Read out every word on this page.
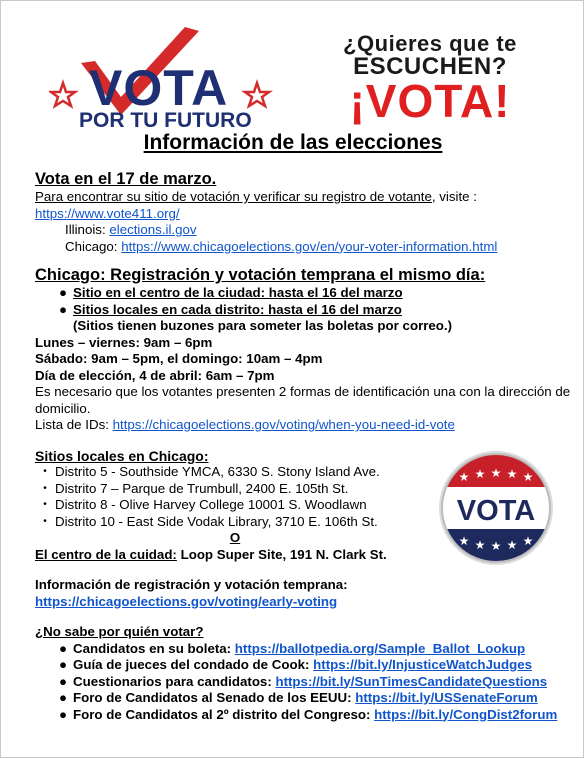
VOTA
POR TU FUTURO
¿Quieres que te
ESCUCHEN?
¡VOTA!
Información de las elecciones
Vota en el 17 de marzo.
Para encontrar su sitio de votación y verificar su registro de votante, visite :
https://www.vote411.org/
Illinois: elections.il.gov
Chicago: https://www.chicagoelections.gov/en/your-voter-information.html
Chicago: Registración y votación temprana el mismo día:
● Sitio en el centro de la ciudad: hasta el 16 del marzo
● Sitios locales en cada distrito: hasta el 16 del marzo
(Sitios tienen buzones para someter las boletas por correo.)
Lunes – viernes: 9am – 6pm
Sábado: 9am – 5pm, el domingo: 10am – 4pm
Día de elección, 4 de abril: 6am – 7pm
Es necesario que los votantes presenten 2 formas de identificación una con la dirección de domicilio.
Lista de IDs: https://chicagoelections.gov/voting/when-you-need-id-vote
Sitios locales en Chicago:
• Distrito 5 - Southside YMCA, 6330 S. Stony Island Ave.
• Distrito 7 – Parque de Trumbull, 2400 E. 105th St.
• Distrito 8 - Olive Harvey College 10001 S. Woodlawn
• Distrito 10 - East Side Vodak Library, 3710 E. 106th St.
O
El centro de la cuidad: Loop Super Site, 191 N. Clark St.
Información de registración y votación temprana:
https://chicagoelections.gov/voting/early-voting
¿No sabe por quién votar?
● Candidatos en su boleta: https://ballotpedia.org/Sample_Ballot_Lookup
● Guía de jueces del condado de Cook: https://bit.ly/InjusticeWatchJudges
● Cuestionarios para candidatos: https://bit.ly/SunTimesCandidateQuestions
● Foro de Candidatos al Senado de los EEUU: https://bit.ly/USSenateForum
● Foro de Candidatos al 2º distrito del Congreso: https://bit.ly/CongDist2forum
★ ★ ★ ★ ★
★ ★ ★ ★ ★
VOTA
